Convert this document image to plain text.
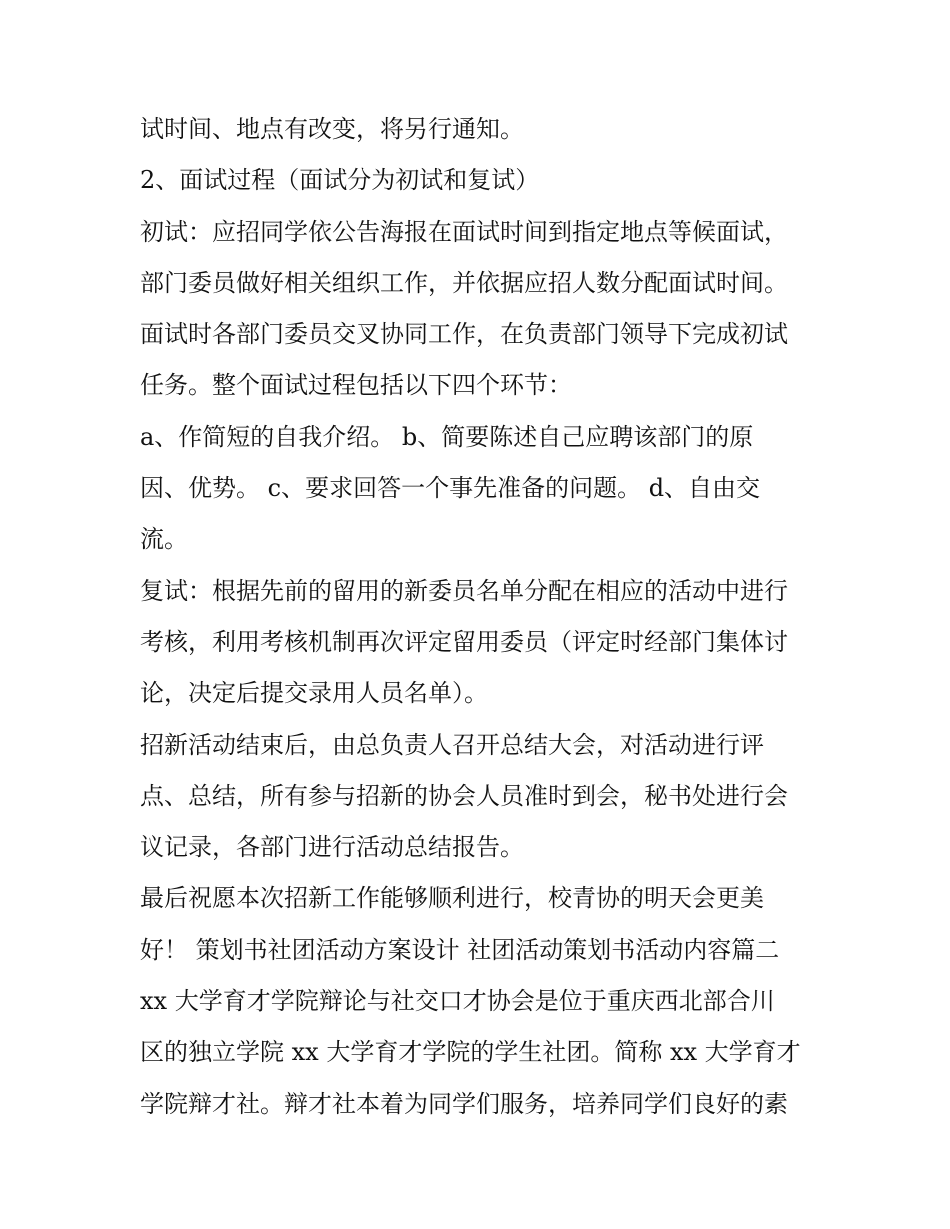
试时间、地点有改变，将另行通知。
2、面试过程（面试分为初试和复试）
初试：应招同学依公告海报在面试时间到指定地点等候面试，
部门委员做好相关组织工作，并依据应招人数分配面试时间。
面试时各部门委员交叉协同工作，在负责部门领导下完成初试
任务。整个面试过程包括以下四个环节：
a、作简短的自我介绍。 b、简要陈述自己应聘该部门的原
因、优势。 c、要求回答一个事先准备的问题。 d、自由交
流。
复试：根据先前的留用的新委员名单分配在相应的活动中进行
考核，利用考核机制再次评定留用委员（评定时经部门集体讨
论，决定后提交录用人员名单）。
招新活动结束后，由总负责人召开总结大会，对活动进行评
点、总结，所有参与招新的协会人员准时到会，秘书处进行会
议记录，各部门进行活动总结报告。
最后祝愿本次招新工作能够顺利进行，校青协的明天会更美
好！ 策划书社团活动方案设计 社团活动策划书活动内容篇二
xx 大学育才学院辩论与社交口才协会是位于重庆西北部合川
区的独立学院 xx 大学育才学院的学生社团。简称 xx 大学育才
学院辩才社。辩才社本着为同学们服务，培养同学们良好的素
